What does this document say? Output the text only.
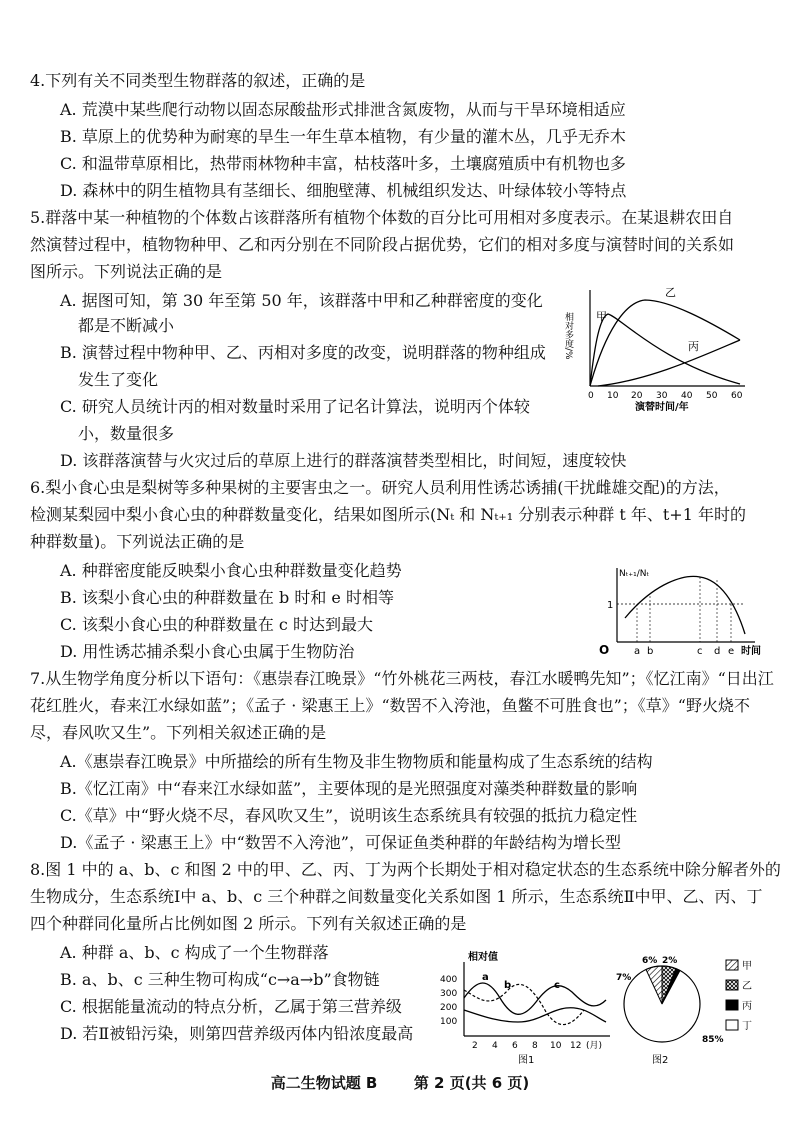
4.下列有关不同类型生物群落的叙述，正确的是
A. 荒漠中某些爬行动物以固态尿酸盐形式排泄含氮废物，从而与干旱环境相适应
B. 草原上的优势种为耐寒的旱生一年生草本植物，有少量的灌木丛，几乎无乔木
C. 和温带草原相比，热带雨林物种丰富，枯枝落叶多，土壤腐殖质中有机物也多
D. 森林中的阴生植物具有茎细长、细胞壁薄、机械组织发达、叶绿体较小等特点
5.群落中某一种植物的个体数占该群落所有植物个体数的百分比可用相对多度表示。在某退耕农田自
然演替过程中，植物物种甲、乙和丙分别在不同阶段占据优势，它们的相对多度与演替时间的关系如
图所示。下列说法正确的是
A. 据图可知，第 30 年至第 50 年，该群落中甲和乙种群密度的变化
都是不断减小
B. 演替过程中物种甲、乙、丙相对多度的改变，说明群落的物种组成
发生了变化
C. 研究人员统计丙的相对数量时采用了记名计算法，说明丙个体较
小，数量很多
D. 该群落演替与火灾过后的草原上进行的群落演替类型相比，时间短，速度较快
甲
乙
丙
相对多度/%
0 10 20 30 40 50 60
演替时间/年
6.梨小食心虫是梨树等多种果树的主要害虫之一。研究人员利用性诱芯诱捕(干扰雌雄交配)的方法，
检测某梨园中梨小食心虫的种群数量变化，结果如图所示(Nₜ 和 Nₜ₊₁ 分别表示种群 t 年、t+1 年时的
种群数量)。下列说法正确的是
A. 种群密度能反映梨小食心虫种群数量变化趋势
B. 该梨小食心虫的种群数量在 b 时和 e 时相等
C. 该梨小食心虫的种群数量在 c 时达到最大
D. 用性诱芯捕杀梨小食心虫属于生物防治
Nₜ₊₁/Nₜ
1
O a b	c d e 时间
7.从生物学角度分析以下语句：《惠崇春江晚景》“竹外桃花三两枝，春江水暖鸭先知”；《忆江南》“日出江
花红胜火，春来江水绿如蓝”；《孟子 · 梁惠王上》“数罟不入洿池，鱼鳖不可胜食也”；《草》“野火烧不
尽，春风吹又生”。下列相关叙述正确的是
A.《惠崇春江晚景》中所描绘的所有生物及非生物物质和能量构成了生态系统的结构
B.《忆江南》中“春来江水绿如蓝”，主要体现的是光照强度对藻类种群数量的影响
C.《草》中“野火烧不尽，春风吹又生”，说明该生态系统具有较强的抵抗力稳定性
D.《孟子 · 梁惠王上》中“数罟不入洿池”，可保证鱼类种群的年龄结构为增长型
8.图 1 中的 a、b、c 和图 2 中的甲、乙、丙、丁为两个长期处于相对稳定状态的生态系统中除分解者外的
生物成分，生态系统Ⅰ中 a、b、c 三个种群之间数量变化关系如图 1 所示，生态系统Ⅱ中甲、乙、丙、丁
四个种群同化量所占比例如图 2 所示。下列有关叙述正确的是
A. 种群 a、b、c 构成了一个生物群落
B. a、b、c 三种生物可构成“c→a→b”食物链
C. 根据能量流动的特点分析，乙属于第三营养级
D. 若Ⅱ被铅污染，则第四营养级丙体内铅浓度最高
相对值
400
300
200
100
a
b	c
2 4 6 8 10 12 (月)
图1
6% 2%
7%
85%
甲
乙
丙
丁
图2
高二生物试题 B 第 2 页(共 6 页)
